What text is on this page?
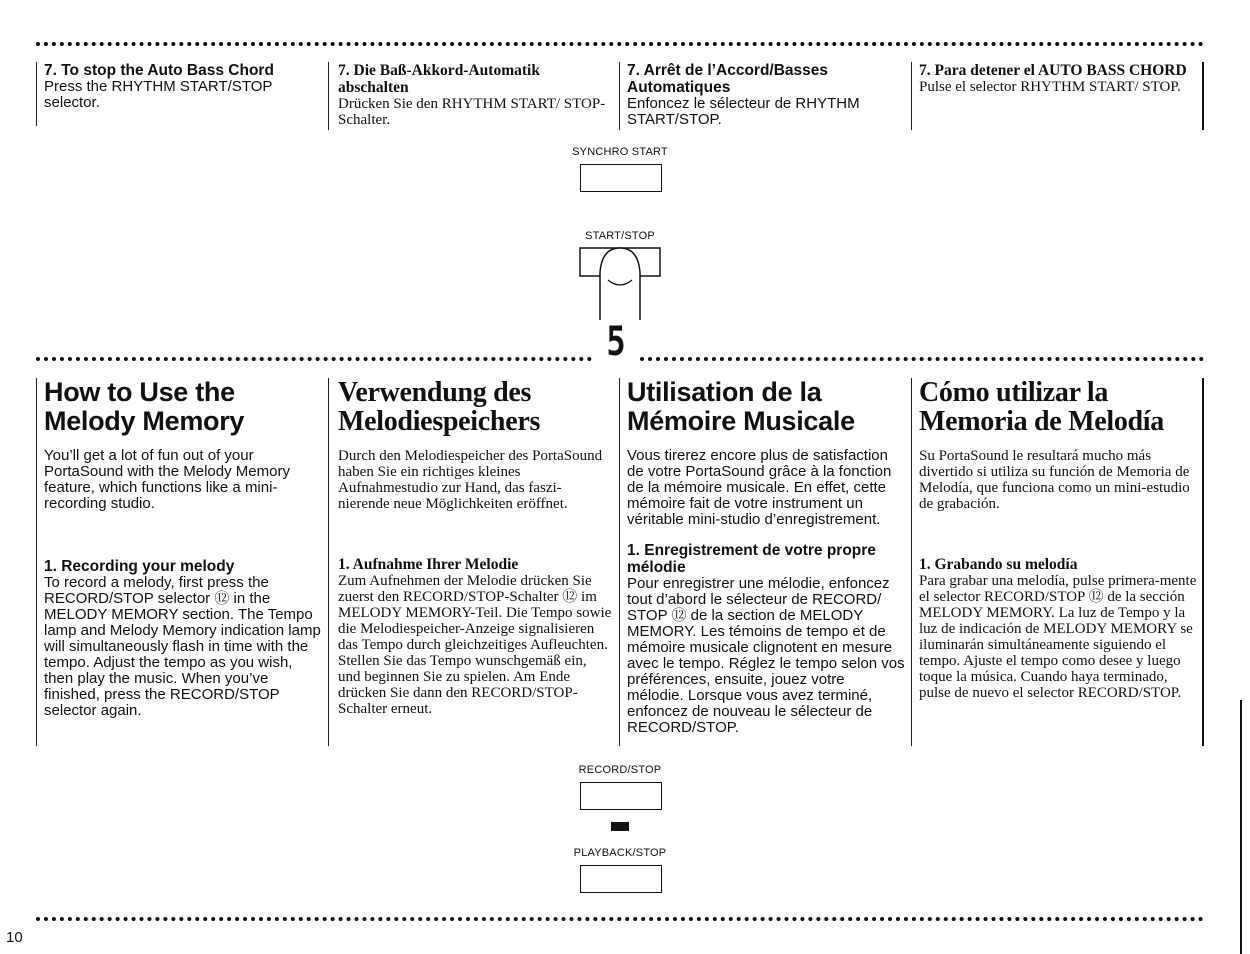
7. To stop the Auto Bass Chord

Press the RHYTHM START/STOP selector.

7. Die Baß-Akkord-Automatik abschalten

Drücken Sie den RHYTHM START/ STOP-Schalter.

7. Arrêt de l’Accord/Basses Automatiques

Enfoncez le sélecteur de RHYTHM START/STOP.

7. Para detener el AUTO BASS CHORD

Pulse el selector RHYTHM START/ STOP.

SYNCHRO START
START/STOP
5
How to Use the Melody Memory

You’ll get a lot of fun out of your PortaSound with the Melody Memory feature, which functions like a mini-recording studio.

1. Recording your melody

To record a melody, first press the RECORD/STOP selector ⑫ in the MELODY MEMORY section. The Tempo lamp and Melody Memory indication lamp will simultaneously flash in time with the tempo. Adjust the tempo as you wish, then play the music. When you’ve finished, press the RECORD/STOP selector again.

Verwendung des Melodiespeichers

Durch den Melodiespeicher des PortaSound haben Sie ein richtiges kleines Aufnahmestudio zur Hand, das faszi-nierende neue Möglichkeiten eröffnet.

1. Aufnahme Ihrer Melodie

Zum Aufnehmen der Melodie drücken Sie zuerst den RECORD/STOP-Schalter ⑫ im MELODY MEMORY-Teil. Die Tempo sowie die Melodiespeicher-Anzeige signalisieren das Tempo durch gleichzeitiges Aufleuchten. Stellen Sie das Tempo wunschgemäß ein, und beginnen Sie zu spielen. Am Ende drücken Sie dann den RECORD/STOP-Schalter erneut.

Utilisation de la Mémoire Musicale

Vous tirerez encore plus de satisfaction de votre PortaSound grâce à la fonction de la mémoire musicale. En effet, cette mémoire fait de votre instrument un véritable mini-studio d’enregistrement.

1. Enregistrement de votre propre mélodie

Pour enregistrer une mélodie, enfoncez tout d’abord le sélecteur de RECORD/ STOP ⑫ de la section de MELODY MEMORY. Les témoins de tempo et de mémoire musicale clignotent en mesure avec le tempo. Réglez le tempo selon vos préférences, ensuite, jouez votre mélodie. Lorsque vous avez terminé, enfoncez de nouveau le sélecteur de RECORD/STOP.

Cómo utilizar la Memoria de Melodía

Su PortaSound le resultará mucho más divertido si utiliza su función de Memoria de Melodía, que funciona como un mini-estudio de grabación.

1. Grabando su melodía

Para grabar una melodía, pulse primera-mente el selector RECORD/STOP ⑫ de la sección MELODY MEMORY. La luz de Tempo y la luz de indicación de MELODY MEMORY se iluminarán simultáneamente siguiendo el tempo. Ajuste el tempo como desee y luego toque la música. Cuando haya terminado, pulse de nuevo el selector RECORD/STOP.

RECORD/STOP
PLAYBACK/STOP
10
